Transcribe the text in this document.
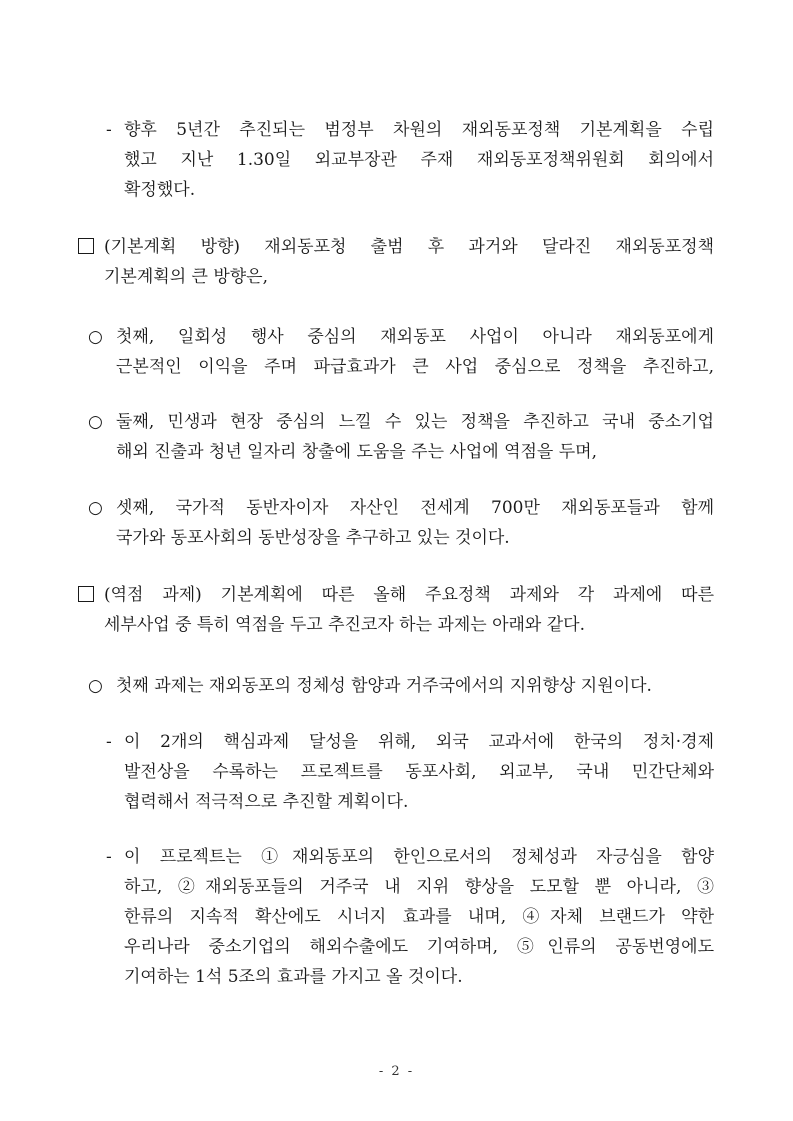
- 향후 5년간 추진되는 범정부 차원의 재외동포정책 기본계획을 수립
했고 지난 1.30일 외교부장관 주재 재외동포정책위원회 회의에서
확정했다.
(기본계획 방향) 재외동포청 출범 후 과거와 달라진 재외동포정책
기본계획의 큰 방향은,
○ 첫째, 일회성 행사 중심의 재외동포 사업이 아니라 재외동포에게
근본적인 이익을 주며 파급효과가 큰 사업 중심으로 정책을 추진하고,
○ 둘째, 민생과 현장 중심의 느낄 수 있는 정책을 추진하고 국내 중소기업
해외 진출과 청년 일자리 창출에 도움을 주는 사업에 역점을 두며,
○ 셋째, 국가적 동반자이자 자산인 전세계 700만 재외동포들과 함께
국가와 동포사회의 동반성장을 추구하고 있는 것이다.
(역점 과제) 기본계획에 따른 올해 주요정책 과제와 각 과제에 따른
세부사업 중 특히 역점을 두고 추진코자 하는 과제는 아래와 같다.
○ 첫째 과제는 재외동포의 정체성 함양과 거주국에서의 지위향상 지원이다.
- 이 2개의 핵심과제 달성을 위해, 외국 교과서에 한국의 정치·경제
발전상을 수록하는 프로젝트를 동포사회, 외교부, 국내 민간단체와
협력해서 적극적으로 추진할 계획이다.
- 이 프로젝트는 ①재외동포의 한인으로서의 정체성과 자긍심을 함양
하고, ②재외동포들의 거주국 내 지위 향상을 도모할 뿐 아니라, ③
한류의 지속적 확산에도 시너지 효과를 내며, ④자체 브랜드가 약한
우리나라 중소기업의 해외수출에도 기여하며, ⑤인류의 공동번영에도
기여하는 1석 5조의 효과를 가지고 올 것이다.
- 2 -
